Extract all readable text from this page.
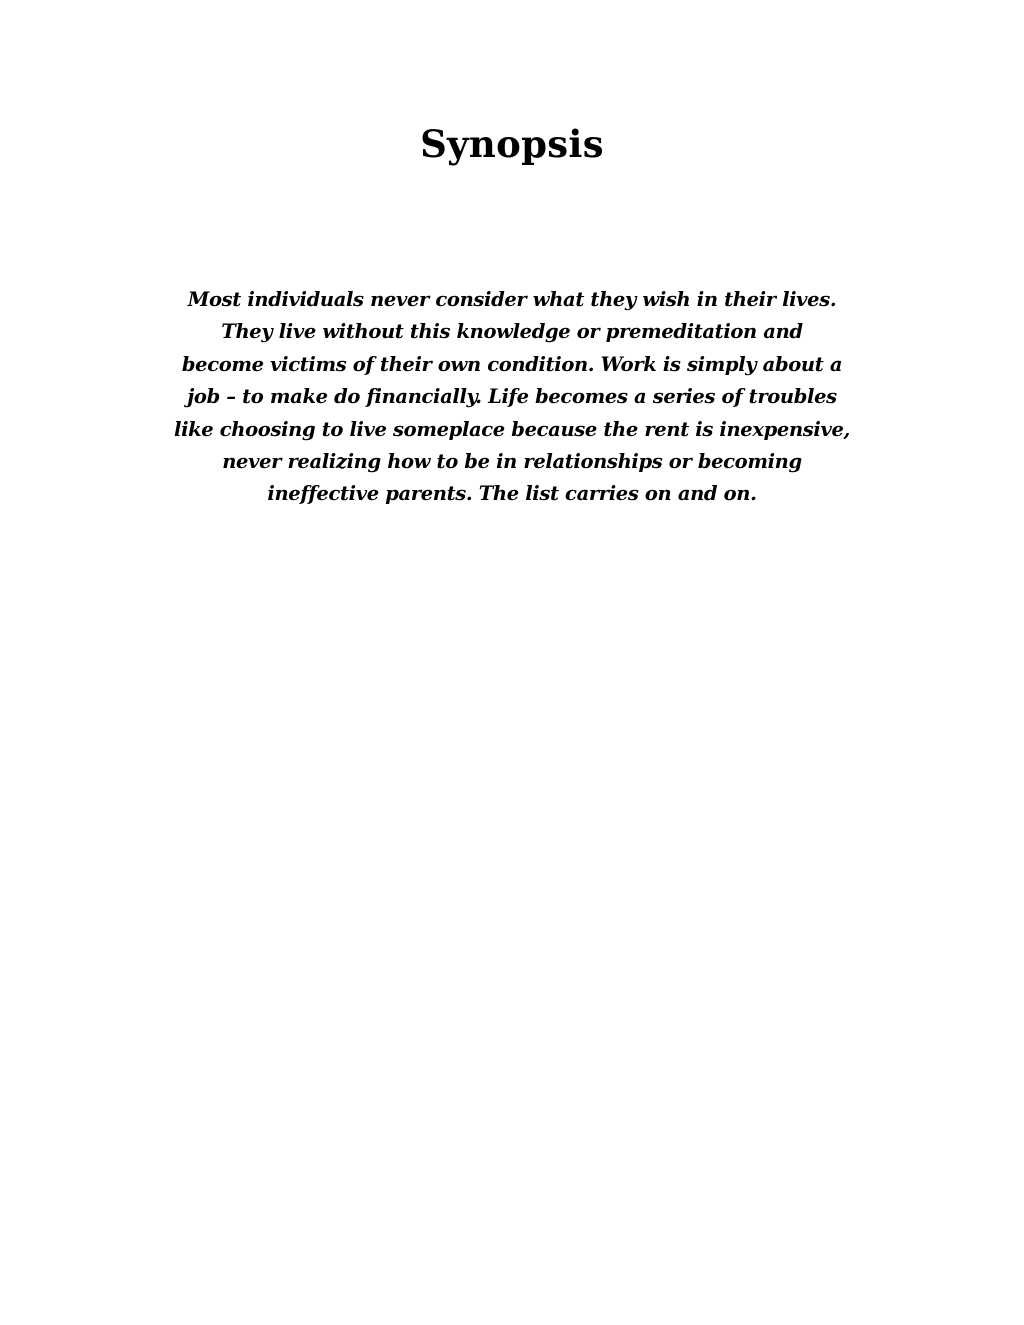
Synopsis
Most individuals never consider what they wish in their lives.
They live without this knowledge or premeditation and
become victims of their own condition. Work is simply about a
job – to make do financially. Life becomes a series of troubles
like choosing to live someplace because the rent is inexpensive,
never realizing how to be in relationships or becoming
ineffective parents. The list carries on and on.
